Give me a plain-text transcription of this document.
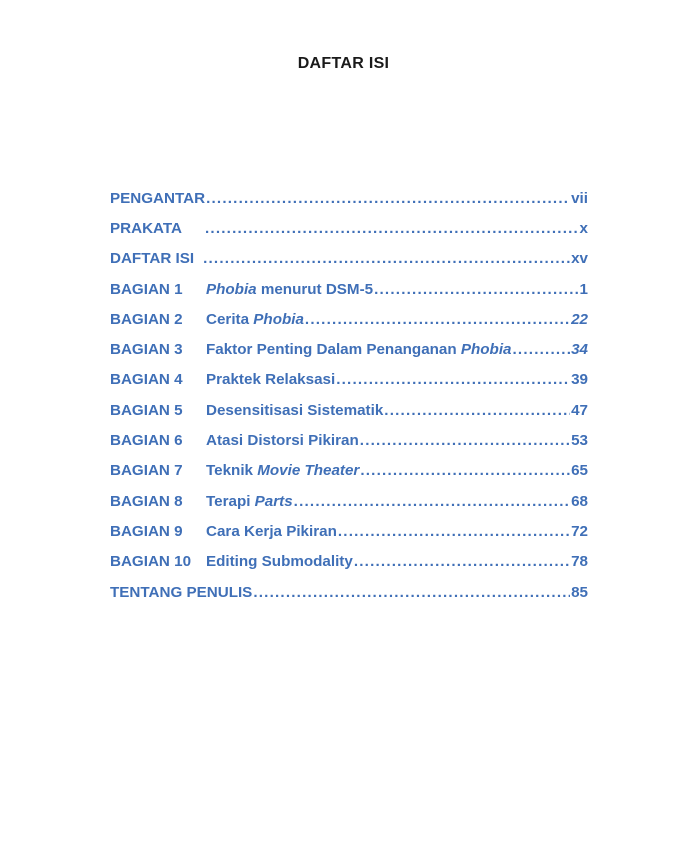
DAFTAR ISI
PENGANTAR .....	vii
PRAKATA .....	x
DAFTAR ISI .....	xv
BAGIAN 1	Phobia menurut DSM-5 .....	1
BAGIAN 2	Cerita Phobia .....	22
BAGIAN 3	Faktor Penting Dalam Penanganan Phobia .....	34
BAGIAN 4	Praktek Relaksasi .....	39
BAGIAN 5	Desensitisasi Sistematik .....	47
BAGIAN 6	Atasi Distorsi Pikiran .....	53
BAGIAN 7	Teknik Movie Theater .....	65
BAGIAN 8	Terapi Parts .....	68
BAGIAN 9	Cara Kerja Pikiran .....	72
BAGIAN 10 Editing Submodality .....	78
TENTANG PENULIS .....	85
